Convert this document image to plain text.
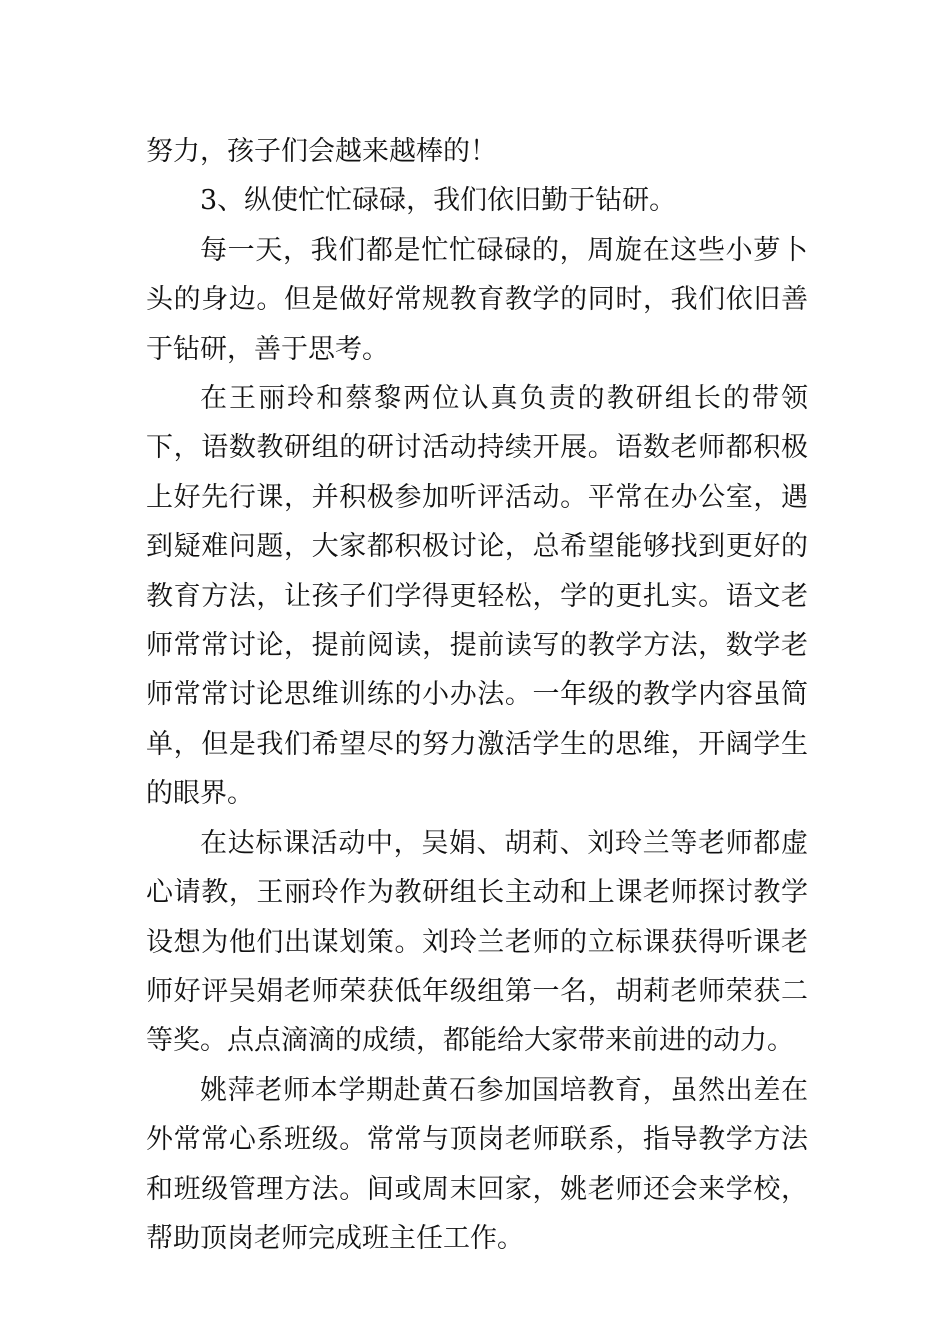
努力，孩子们会越来越棒的！

3、纵使忙忙碌碌，我们依旧勤于钻研。

每一天，我们都是忙忙碌碌的，周旋在这些小萝卜头的身边。但是做好常规教育教学的同时，我们依旧善于钻研，善于思考。

在王丽玲和蔡黎两位认真负责的教研组长的带领下，语数教研组的研讨活动持续开展。语数老师都积极上好先行课，并积极参加听评活动。平常在办公室，遇到疑难问题，大家都积极讨论，总希望能够找到更好的教育方法，让孩子们学得更轻松，学的更扎实。语文老师常常讨论，提前阅读，提前读写的教学方法，数学老师常常讨论思维训练的小办法。一年级的教学内容虽简单，但是我们希望尽的努力激活学生的思维，开阔学生的眼界。

在达标课活动中，吴娟、胡莉、刘玲兰等老师都虚心请教，王丽玲作为教研组长主动和上课老师探讨教学设想为他们出谋划策。刘玲兰老师的立标课获得听课老师好评吴娟老师荣获低年级组第一名，胡莉老师荣获二等奖。点点滴滴的成绩，都能给大家带来前进的动力。

姚萍老师本学期赴黄石参加国培教育，虽然出差在外常常心系班级。常常与顶岗老师联系，指导教学方法和班级管理方法。间或周末回家，姚老师还会来学校，帮助顶岗老师完成班主任工作。
